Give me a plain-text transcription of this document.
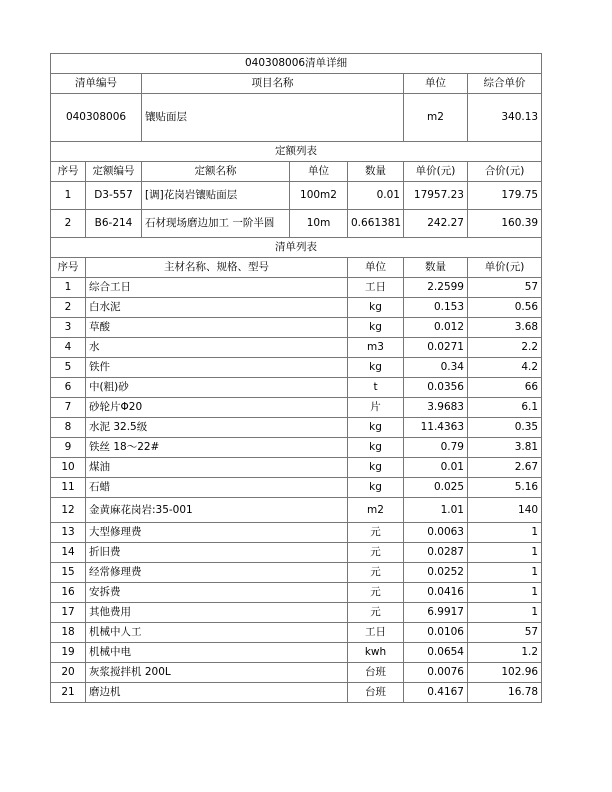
040308006清单详细							
清单编号		项目名称			单位	综合单价	
040308006		镶贴面层			m2	340.13	
定额列表							
序号	定额编号	定额名称	单位	数量	单价(元)	合价(元)	
1	D3-557	[调]花岗岩镶贴面层	100m2	0.01	17957.23	179.75	
2	B6-214	石材现场磨边加工 一阶半圆	10m	0.661381	242.27	160.39	
清单列表							
序号	主材名称、规格、型号			单位	数量	单价(元)	
1	综合工日			工日	2.2599	57	
2	白水泥			kg	0.153	0.56	
3	草酸			kg	0.012	3.68	
4	水			m3	0.0271	2.2	
5	铁件			kg	0.34	4.2	
6	中(粗)砂			t	0.0356	66	
7	砂轮片Φ20			片	3.9683	6.1	
8	水泥 32.5级			kg	11.4363	0.35	
9	铁丝 18～22#			kg	0.79	3.81	
10	煤油			kg	0.01	2.67	
11	石蜡			kg	0.025	5.16	
12	金黄麻花岗岩:35-001			m2	1.01	140	
13	大型修理费			元	0.0063	1	
14	折旧费			元	0.0287	1	
15	经常修理费			元	0.0252	1	
16	安拆费			元	0.0416	1	
17	其他费用			元	6.9917	1	
18	机械中人工			工日	0.0106	57	
19	机械中电			kwh	0.0654	1.2	
20	灰浆搅拌机 200L			台班	0.0076	102.96	
21	磨边机			台班	0.4167	16.78	
